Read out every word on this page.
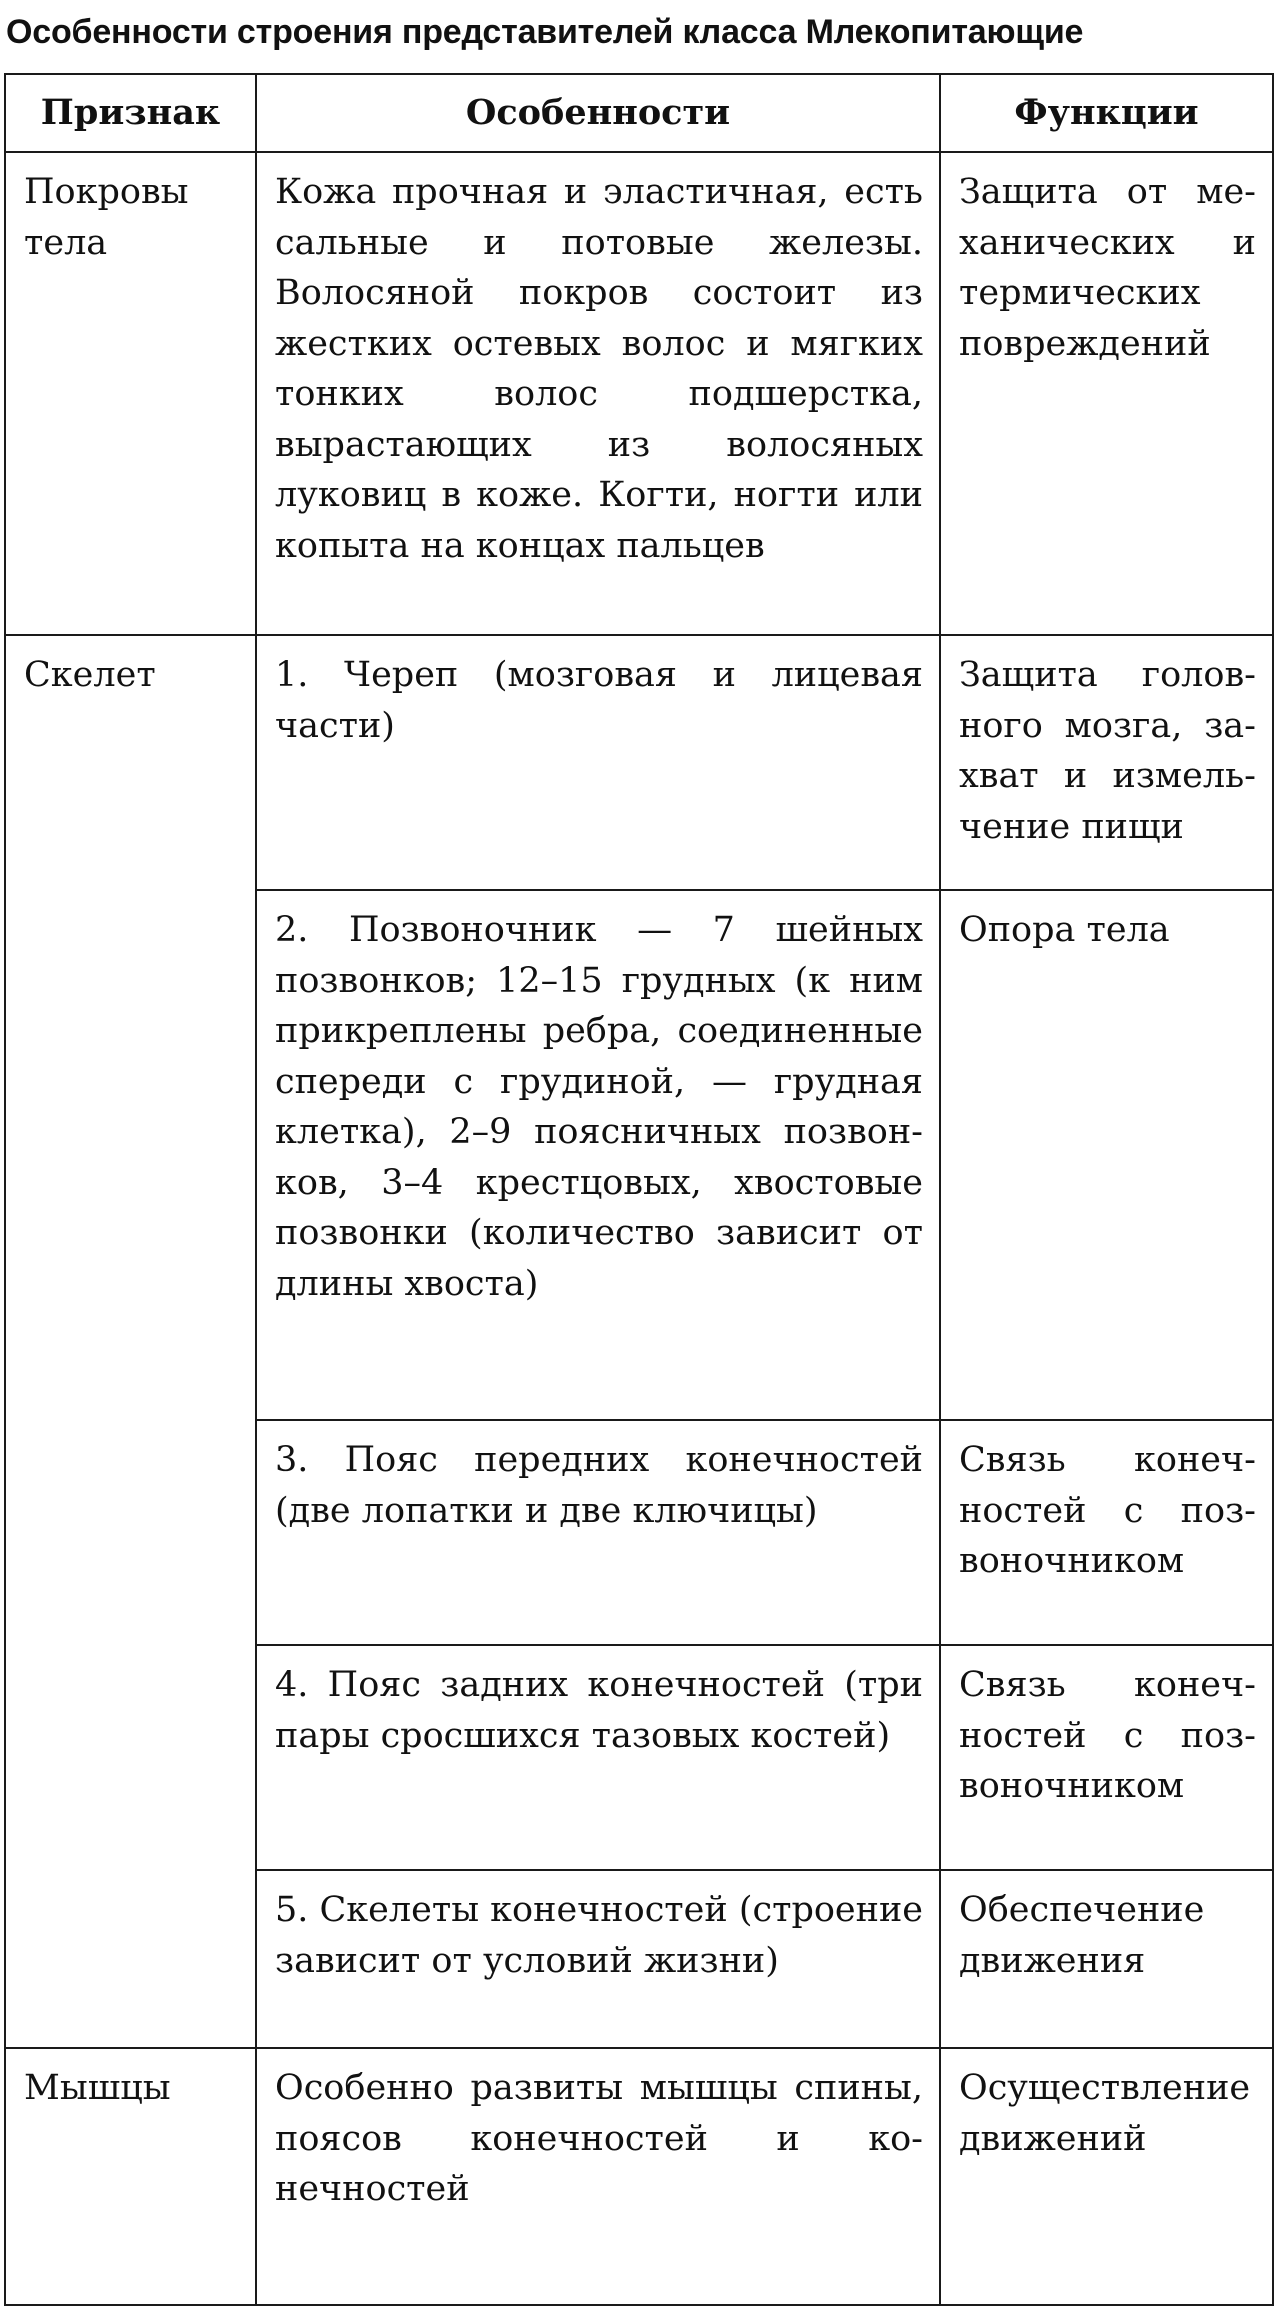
Особенности строения представителей класса Млекопитающие
Признак	Особенности	Функции
Покровы тела	Кожа прочная и эластичная, есть сальные и потовые железы. Волосяной покров состоит из жестких остевых волос и мягких тонких волос подшерстка, вырастающих из волосяных луковиц в коже. Когти, ногти или копыта на концах пальцев	Защита от механических и термических повреждений
Скелет	1. Череп (мозговая и лицевая части)	Защита головного мозга, захват и измельчение пищи
	2. Позвоночник — 7 шейных позвонков; 12–15 грудных (к ним прикреплены ребра, соединенные спереди с грудиной, — грудная клетка), 2–9 поясничных позвонков, 3–4 крестцовых, хвостовые позвонки (количество зависит от длины хвоста)	Опора тела
	3. Пояс передних конечностей (две лопатки и две ключицы)	Связь конечностей с позвоночником
	4. Пояс задних конечностей (три пары сросшихся тазовых костей)	Связь конечностей с позвоночником
	5. Скелеты конечностей (строение зависит от условий жизни)	Обеспечение движения
Мышцы	Особенно развиты мышцы спины, поясов конечностей и конечностей	Осуществление движений
